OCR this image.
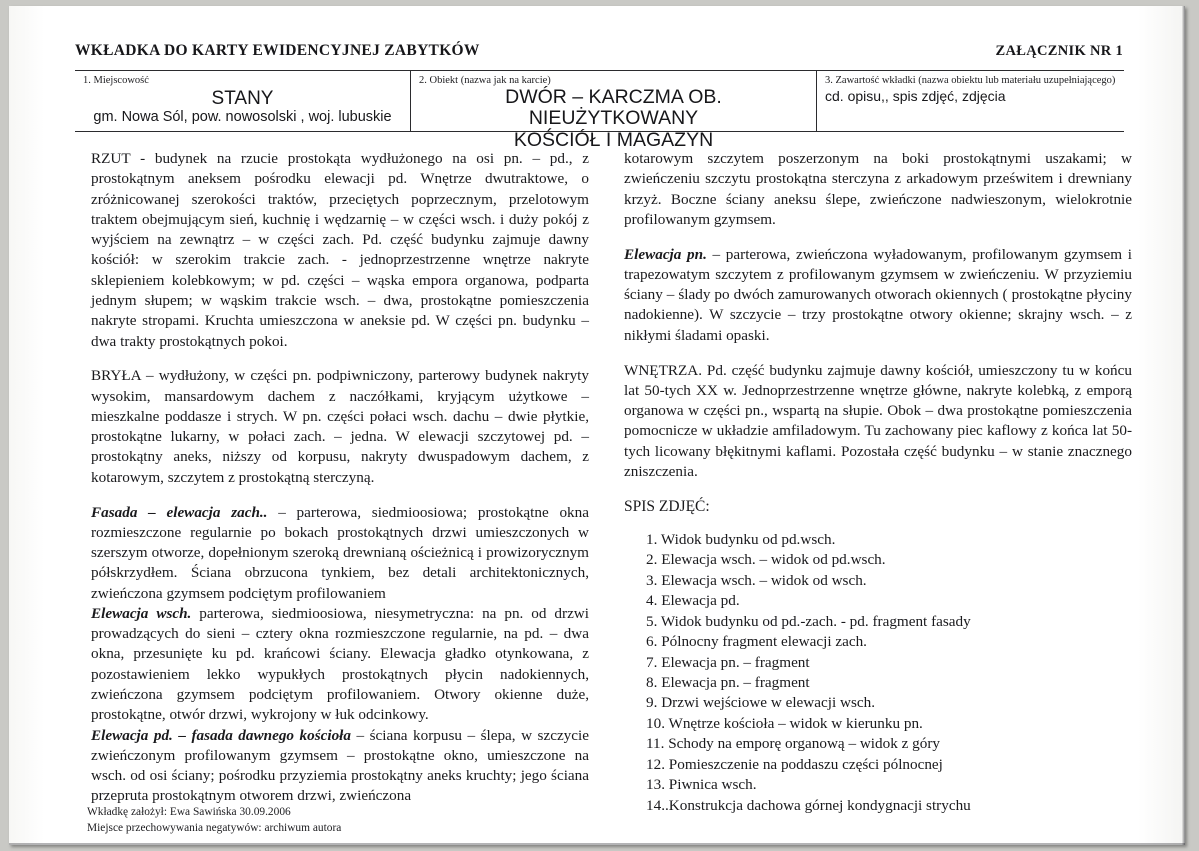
WKŁADKA DO KARTY EWIDENCYJNEJ ZABYTKÓW	ZAŁĄCZNIK NR 1
1. Miejscowość
STANY
gm. Nowa Sól, pow. nowosolski , woj. lubuskie
2. Obiekt (nazwa jak na karcie)
DWÓR – KARCZMA OB. NIEUŻYTKOWANY
KOŚCIÓŁ I MAGAZYN
3. Zawartość wkładki (nazwa obiektu lub materiału uzupełniającego)
cd. opisu,, spis zdjęć, zdjęcia

RZUT - budynek na rzucie prostokąta wydłużonego na osi pn. – pd., z prostokątnym aneksem pośrodku elewacji pd. Wnętrze dwutraktowe, o zróżnicowanej szerokości traktów, przeciętych poprzecznym, przelotowym traktem obejmującym sień, kuchnię i wędzarnię – w części wsch. i duży pokój z wyjściem na zewnątrz – w części zach. Pd. część budynku zajmuje dawny kościół: w szerokim trakcie zach. - jednoprzestrzenne wnętrze nakryte sklepieniem kolebkowym; w pd. części – wąska empora organowa, podparta jednym słupem; w wąskim trakcie wsch. – dwa, prostokątne pomieszczenia nakryte stropami. Kruchta umieszczona w aneksie pd. W części pn. budynku – dwa trakty prostokątnych pokoi.

BRYŁA – wydłużony, w części pn. podpiwniczony, parterowy budynek nakryty wysokim, mansardowym dachem z naczółkami, kryjącym użytkowe – mieszkalne poddasze i strych. W pn. części połaci wsch. dachu – dwie płytkie, prostokątne lukarny, w połaci zach. – jedna. W elewacji szczytowej pd. – prostokątny aneks, niższy od korpusu, nakryty dwuspadowym dachem, z kotarowym, szczytem z prostokątną sterczyną.

Fasada – elewacja zach.. – parterowa, siedmioosiowa; prostokątne okna rozmieszczone regularnie po bokach prostokątnych drzwi umieszczonych w szerszym otworze, dopełnionym szeroką drewnianą ościeżnicą i prowizorycznym półskrzydłem. Ściana obrzucona tynkiem, bez detali architektonicznych, zwieńczona gzymsem podciętym profilowaniem

Elewacja wsch. parterowa, siedmioosiowa, niesymetryczna: na pn. od drzwi prowadzących do sieni – cztery okna rozmieszczone regularnie, na pd. – dwa okna, przesunięte ku pd. krańcowi ściany. Elewacja gładko otynkowana, z pozostawieniem lekko wypukłych prostokątnych płycin nadokiennych, zwieńczona gzymsem podciętym profilowaniem. Otwory okienne duże, prostokątne, otwór drzwi, wykrojony w łuk odcinkowy.

Elewacja pd. – fasada dawnego kościoła – ściana korpusu – ślepa, w szczycie zwieńczonym profilowanym gzymsem – prostokątne okno, umieszczone na wsch. od osi ściany; pośrodku przyziemia prostokątny aneks kruchty; jego ściana przepruta prostokątnym otworem drzwi, zwieńczona

kotarowym szczytem poszerzonym na boki prostokątnymi uszakami; w zwieńczeniu szczytu prostokątna sterczyna z arkadowym prześwitem i drewniany krzyż. Boczne ściany aneksu ślepe, zwieńczone nadwieszonym, wielokrotnie profilowanym gzymsem.

Elewacja pn. – parterowa, zwieńczona wyładowanym, profilowanym gzymsem i trapezowatym szczytem z profilowanym gzymsem w zwieńczeniu. W przyziemiu ściany – ślady po dwóch zamurowanych otworach okiennych ( prostokątne płyciny nadokienne). W szczycie – trzy prostokątne otwory okienne; skrajny wsch. – z nikłymi śladami opaski.

WNĘTRZA. Pd. część budynku zajmuje dawny kościół, umieszczony tu w końcu lat 50-tych XX w. Jednoprzestrzenne wnętrze główne, nakryte kolebką, z emporą organowa w części pn., wspartą na słupie. Obok – dwa prostokątne pomieszczenia pomocnicze w układzie amfiladowym. Tu zachowany piec kaflowy z końca lat 50-tych licowany błękitnymi kaflami. Pozostała część budynku – w stanie znacznego zniszczenia.

SPIS ZDJĘĆ:
1. Widok budynku od pd.wsch.
2. Elewacja wsch. – widok od pd.wsch.
3. Elewacja wsch. – widok od wsch.
4. Elewacja pd.
5. Widok budynku od pd.-zach. - pd. fragment fasady
6. Pólnocny fragment elewacji zach.
7. Elewacja pn. – fragment
8. Elewacja pn. – fragment
9. Drzwi wejściowe w elewacji wsch.
10. Wnętrze kościoła – widok w kierunku pn.
11. Schody na emporę organową – widok z góry
12. Pomieszczenie na poddaszu części pólnocnej
13. Piwnica wsch.
14..Konstrukcja dachowa górnej kondygnacji strychu
Wkładkę założył: Ewa Sawińska 30.09.2006
Miejsce przechowywania negatywów: archiwum autora
